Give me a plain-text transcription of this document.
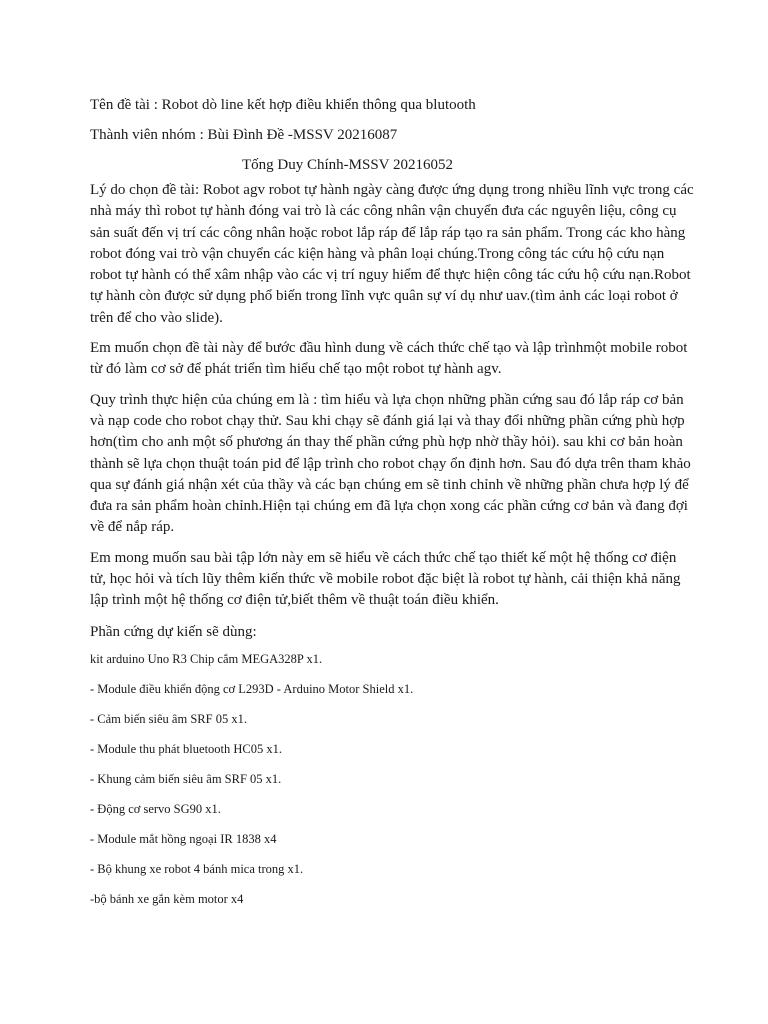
Tên đề tài : Robot dò line kết hợp điều khiển thông qua blutooth

Thành viên nhóm : Bùi Đình Đề -MSSV 20216087

Tống Duy Chính-MSSV 20216052

Lý do chọn đề tài: Robot agv robot tự hành ngày càng được ứng dụng trong nhiều lĩnh vực trong các nhà máy thì robot tự hành đóng vai trò là các công nhân vận chuyển đưa các nguyên liệu, công cụ sản suất đến vị trí các công nhân hoặc robot lắp ráp để lắp ráp tạo ra sản phẩm. Trong các kho hàng robot đóng vai trò vận chuyển các kiện hàng và phân loại chúng.Trong công tác cứu hộ cứu nạn robot tự hành có thể xâm nhập vào các vị trí nguy hiểm để thực hiện công tác cứu hộ cứu nạn.Robot tự hành còn được sử dụng phổ biến trong lĩnh vực quân sự ví dụ như uav.(tìm ảnh các loại robot ở trên để cho vào slide).

Em muốn chọn đề tài này để bước đầu hình dung về cách thức chế tạo và lập trìnhmột mobile robot từ đó làm cơ sở để phát triển tìm hiểu chế tạo một robot tự hành agv.

Quy trình thực hiện của chúng em là : tìm hiểu và lựa chọn những phần cứng sau đó lắp ráp cơ bản và nạp code cho robot chạy thử. Sau khi chạy sẽ đánh giá lại và thay đổi những phần cứng phù hợp hơn(tìm cho anh một số phương án thay thế phần cứng phù hợp nhờ thầy hỏi). sau khi cơ bản hoàn thành sẽ lựa chọn thuật toán pid để lập trình cho robot chạy ổn định hơn. Sau đó dựa trên tham khảo qua sự đánh giá nhận xét của thầy và các bạn chúng em sẽ tinh chỉnh về những phần chưa hợp lý để đưa ra sản phẩm hoàn chỉnh.Hiện tại chúng em đã lựa chọn xong các phần cứng cơ bản và đang đợi về để nắp ráp.

Em mong muốn sau bài tập lớn này em sẽ hiểu về cách thức chế tạo thiết kế một hệ thống cơ điện tử, học hỏi và tích lũy thêm kiến thức về mobile robot đặc biệt là robot tự hành, cải thiện khả năng lập trình một hệ thống cơ điện tử,biết thêm về thuật toán điều khiển.

Phần cứng dự kiến sẽ dùng:

kit arduino Uno R3 Chip cắm MEGA328P x1.
- Module điều khiển động cơ L293D - Arduino Motor Shield x1.
- Cảm biến siêu âm SRF 05 x1.
- Module thu phát bluetooth HC05 x1.
- Khung cảm biến siêu âm SRF 05 x1.
- Động cơ servo SG90 x1.
- Module mắt hồng ngoại IR 1838 x4
- Bộ khung xe robot 4 bánh mica trong x1.
-bộ bánh xe gắn kèm motor x4
